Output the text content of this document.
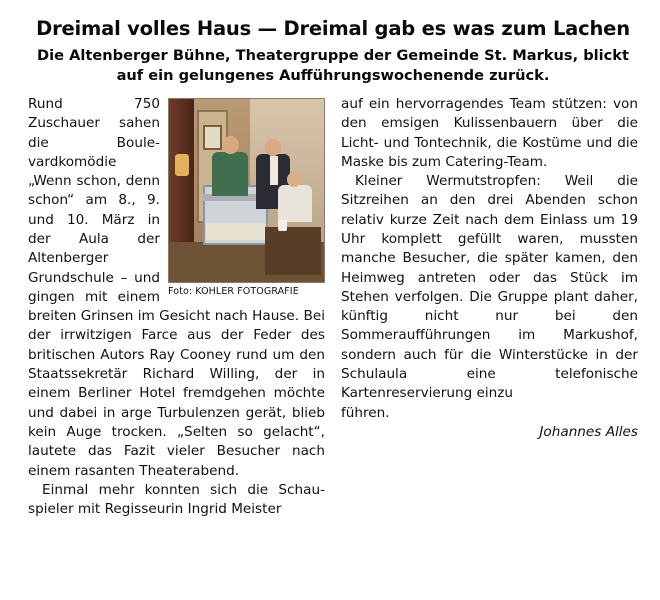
Dreimal volles Haus — Dreimal gab es was zum Lachen
Die Altenberger Bühne, Theatergruppe der Gemeinde St. Markus, blickt auf ein gelungenes Aufführungswochenende zurück.
Foto: KOHLER FOTOGRAFIE

Rund 750 Zuschauer sahen die Boulevardkomödie „Wenn schon, denn schon“ am 8., 9. und 10. März in der Aula der Altenberger Grundschule – und gingen mit einem breiten Grinsen im Gesicht nach Hause. Bei der irrwitzigen Farce aus der Feder des britischen Autors Ray Cooney rund um den Staatssekretär Richard Willing, der in einem Berliner Hotel fremdgehen möchte und dabei in arge Turbulenzen gerät, blieb kein Auge trocken. „Selten so gelacht“, lautete das Fazit vieler Besucher nach einem rasanten Theaterabend.

Einmal mehr konnten sich die Schauspieler mit Regisseurin Ingrid Meister

auf ein hervorragendes Team stützen: von den emsigen Kulissenbauern über die Licht- und Tontechnik, die Kostüme und die Maske bis zum Catering-Team.

Kleiner Wermutstropfen: Weil die Sitzreihen an den drei Abenden schon relativ kurze Zeit nach dem Einlass um 19 Uhr komplett gefüllt waren, mussten manche Besucher, die später kamen, den Heimweg antreten oder das Stück im Stehen verfolgen. Die Gruppe plant daher, künftig nicht nur bei den Sommeraufführungen im Markushof, sondern auch für die Winterstücke in der Schulaula eine telefonische Kartenreservierung einzu

führen.

Johannes Alles
